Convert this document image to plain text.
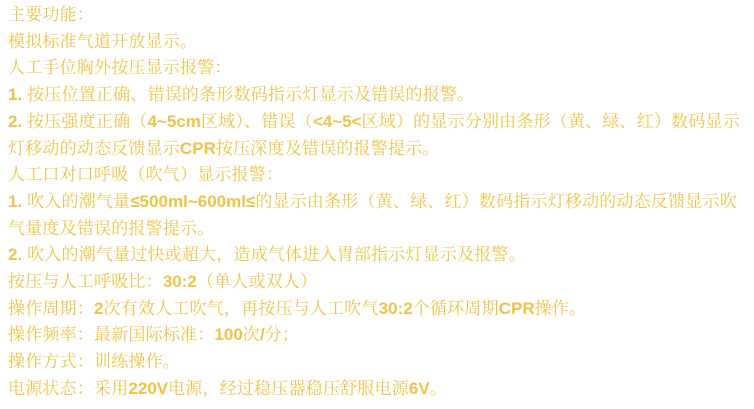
主要功能：

模拟标准气道开放显示。

人工手位胸外按压显示报警：

1. 按压位置正确、错误的条形数码指示灯显示及错误的报警。

2. 按压强度正确（4~5cm区域）、错误（<4~5<区域）的显示分别由条形（黄、绿、红）数码显示灯移动的动态反馈显示CPR按压深度及错误的报警提示。

人工口对口呼吸（吹气）显示报警：

1. 吹入的潮气量≤500ml~600ml≤的显示由条形（黄、绿、红）数码指示灯移动的动态反馈显示吹气量度及错误的报警提示。

2. 吹入的潮气量过快或超大，造成气体进入胃部指示灯显示及报警。

按压与人工呼吸比：30:2（单人或双人）

操作周期：2次有效人工吹气，再按压与人工吹气30:2个循环周期CPR操作。

操作频率：最新国际标准：100次/分；

操作方式：训练操作。

电源状态：采用220V电源，经过稳压器稳压舒服电源6V。
